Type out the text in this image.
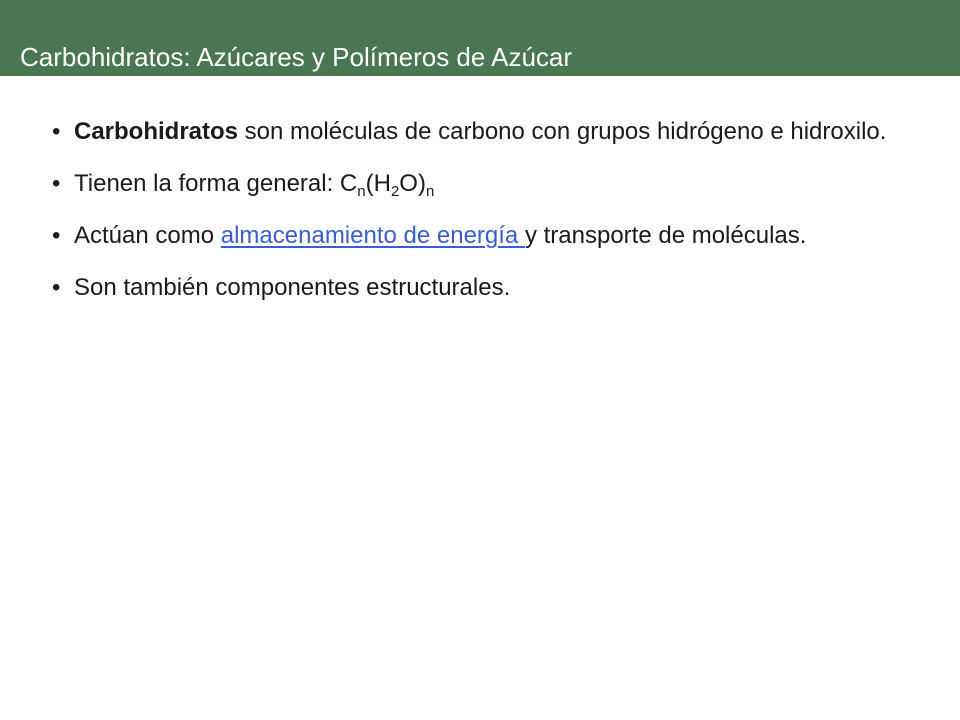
Carbohidratos: Azúcares y Polímeros de Azúcar
• Carbohidratos son moléculas de carbono con grupos hidrógeno e hidroxilo.
• Tienen la forma general: $C_n(H_2O)_n$
• Actúan como almacenamiento de energía y transporte de moléculas.
• Son también componentes estructurales.
